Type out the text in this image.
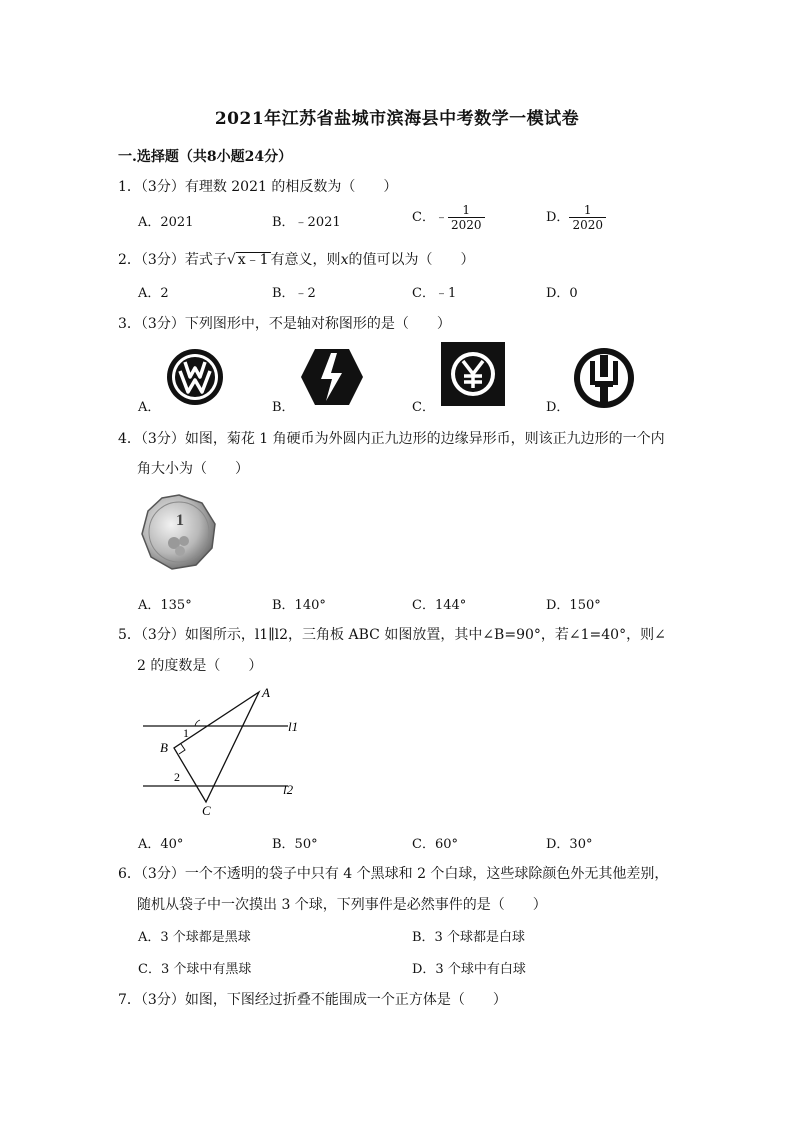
2021年江苏省盐城市滨海县中考数学一模试卷
一.选择题（共8小题24分）
1．（3分）有理数 2021 的相反数为（　　）
A．2021	B．﹣2021	C．﹣ $\frac{1}{2020}$	D． $\frac{1}{2020}$
2．（3分）若式子√ x﹣1 有意义，则x的值可以为（　　）
A．2	B．﹣2	C．﹣1	D．0
3．（3分）下列图形中，不是轴对称图形的是（　　）
A．	B．	C．	D．
4．（3分）如图，菊花 1 角硬币为外圆内正九边形的边缘异形币，则该正九边形的一个内
角大小为（　　）
1
A．135°	B．140°	C．144°	D．150°
5．（3分）如图所示，l1∥l2，三角板 ABC 如图放置，其中∠B=90°，若∠1=40°，则∠
2 的度数是（　　）
A
B
C
l1
l2
1
2
A．40°	B．50°	C．60°	D．30°
6．（3分）一个不透明的袋子中只有 4 个黑球和 2 个白球，这些球除颜色外无其他差别，
随机从袋子中一次摸出 3 个球，下列事件是必然事件的是（　　）
A．3 个球都是黑球	B．3 个球都是白球
C．3 个球中有黑球	D．3 个球中有白球
7．（3分）如图，下图经过折叠不能围成一个正方体是（　　）
